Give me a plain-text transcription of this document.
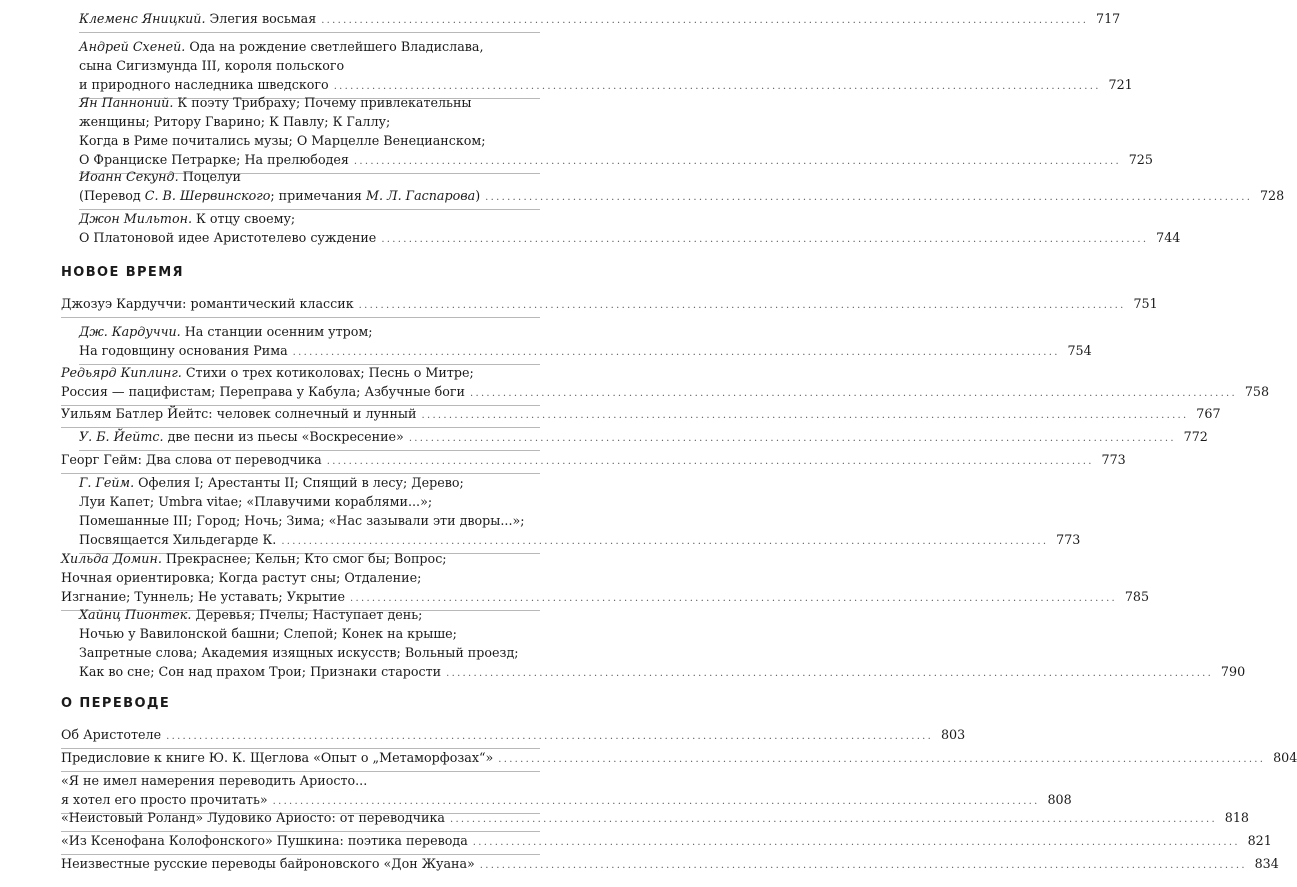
Клеменс Яницкий. Элегия восьмая ............................................................................................................................................ 717
Андрей Схеней. Ода на рождение светлейшего Владислава,
сына Сигизмунда III, короля польского
и природного наследника шведского ............................................................................................................................................ 721
Ян Панноний. К поэту Трибраху; Почему привлекательны
женщины; Ритору Гварино; К Павлу; К Галлу;
Когда в Риме почитались музы; О Марцелле Венецианском;
О Франциске Петрарке; На прелюбодея ............................................................................................................................................ 725
Иоанн Секунд. Поцелуи
(Перевод С. В. Шервинского; примечания М. Л. Гаспарова) ............................................................................................................................................ 728
Джон Мильтон. К отцу своему;
О Платоновой идее Аристотелево суждение ............................................................................................................................................ 744
НОВОЕ ВРЕМЯ
Джозуэ Кардуччи: романтический классик ............................................................................................................................................ 751
Дж. Кардуччи. На станции осенним утром;
На годовщину основания Рима ............................................................................................................................................ 754
Редьярд Киплинг. Стихи о трех котиколовах; Песнь о Митре;
Россия — пацифистам; Переправа у Кабула; Азбучные боги ............................................................................................................................................ 758
Уильям Батлер Йейтс: человек солнечный и лунный ............................................................................................................................................ 767
У. Б. Йейтс. две песни из пьесы «Воскресение» ............................................................................................................................................ 772
Георг Гейм: Два слова от переводчика ............................................................................................................................................ 773
Г. Гейм. Офелия I; Арестанты II; Спящий в лесу; Дерево;
Луи Капет; Umbra vitae; «Плавучими кораблями...»;
Помешанные III; Город; Ночь; Зима; «Нас зазывали эти дворы...»;
Посвящается Хильдегарде К. ............................................................................................................................................ 773
Хильда Домин. Прекраснее; Кельн; Кто смог бы; Вопрос;
Ночная ориентировка; Когда растут сны; Отдаление;
Изгнание; Туннель; Не уставать; Укрытие ............................................................................................................................................ 785
Хайнц Пионтек. Деревья; Пчелы; Наступает день;
Ночью у Вавилонской башни; Слепой; Конек на крыше;
Запретные слова; Академия изящных искусств; Вольный проезд;
Как во сне; Сон над прахом Трои; Признаки старости ............................................................................................................................................ 790
О ПЕРЕВОДЕ
Об Аристотеле ............................................................................................................................................ 803
Предисловие к книге Ю. К. Щеглова «Опыт о „Метаморфозах“» ............................................................................................................................................ 804
«Я не имел намерения переводить Ариосто...
я хотел его просто прочитать» ............................................................................................................................................ 808
«Неистовый Роланд» Лудовико Ариосто: от переводчика ............................................................................................................................................ 818
«Из Ксенофана Колофонского» Пушкина: поэтика перевода ............................................................................................................................................ 821
Неизвестные русские переводы байроновского «Дон Жуана» ............................................................................................................................................ 834
